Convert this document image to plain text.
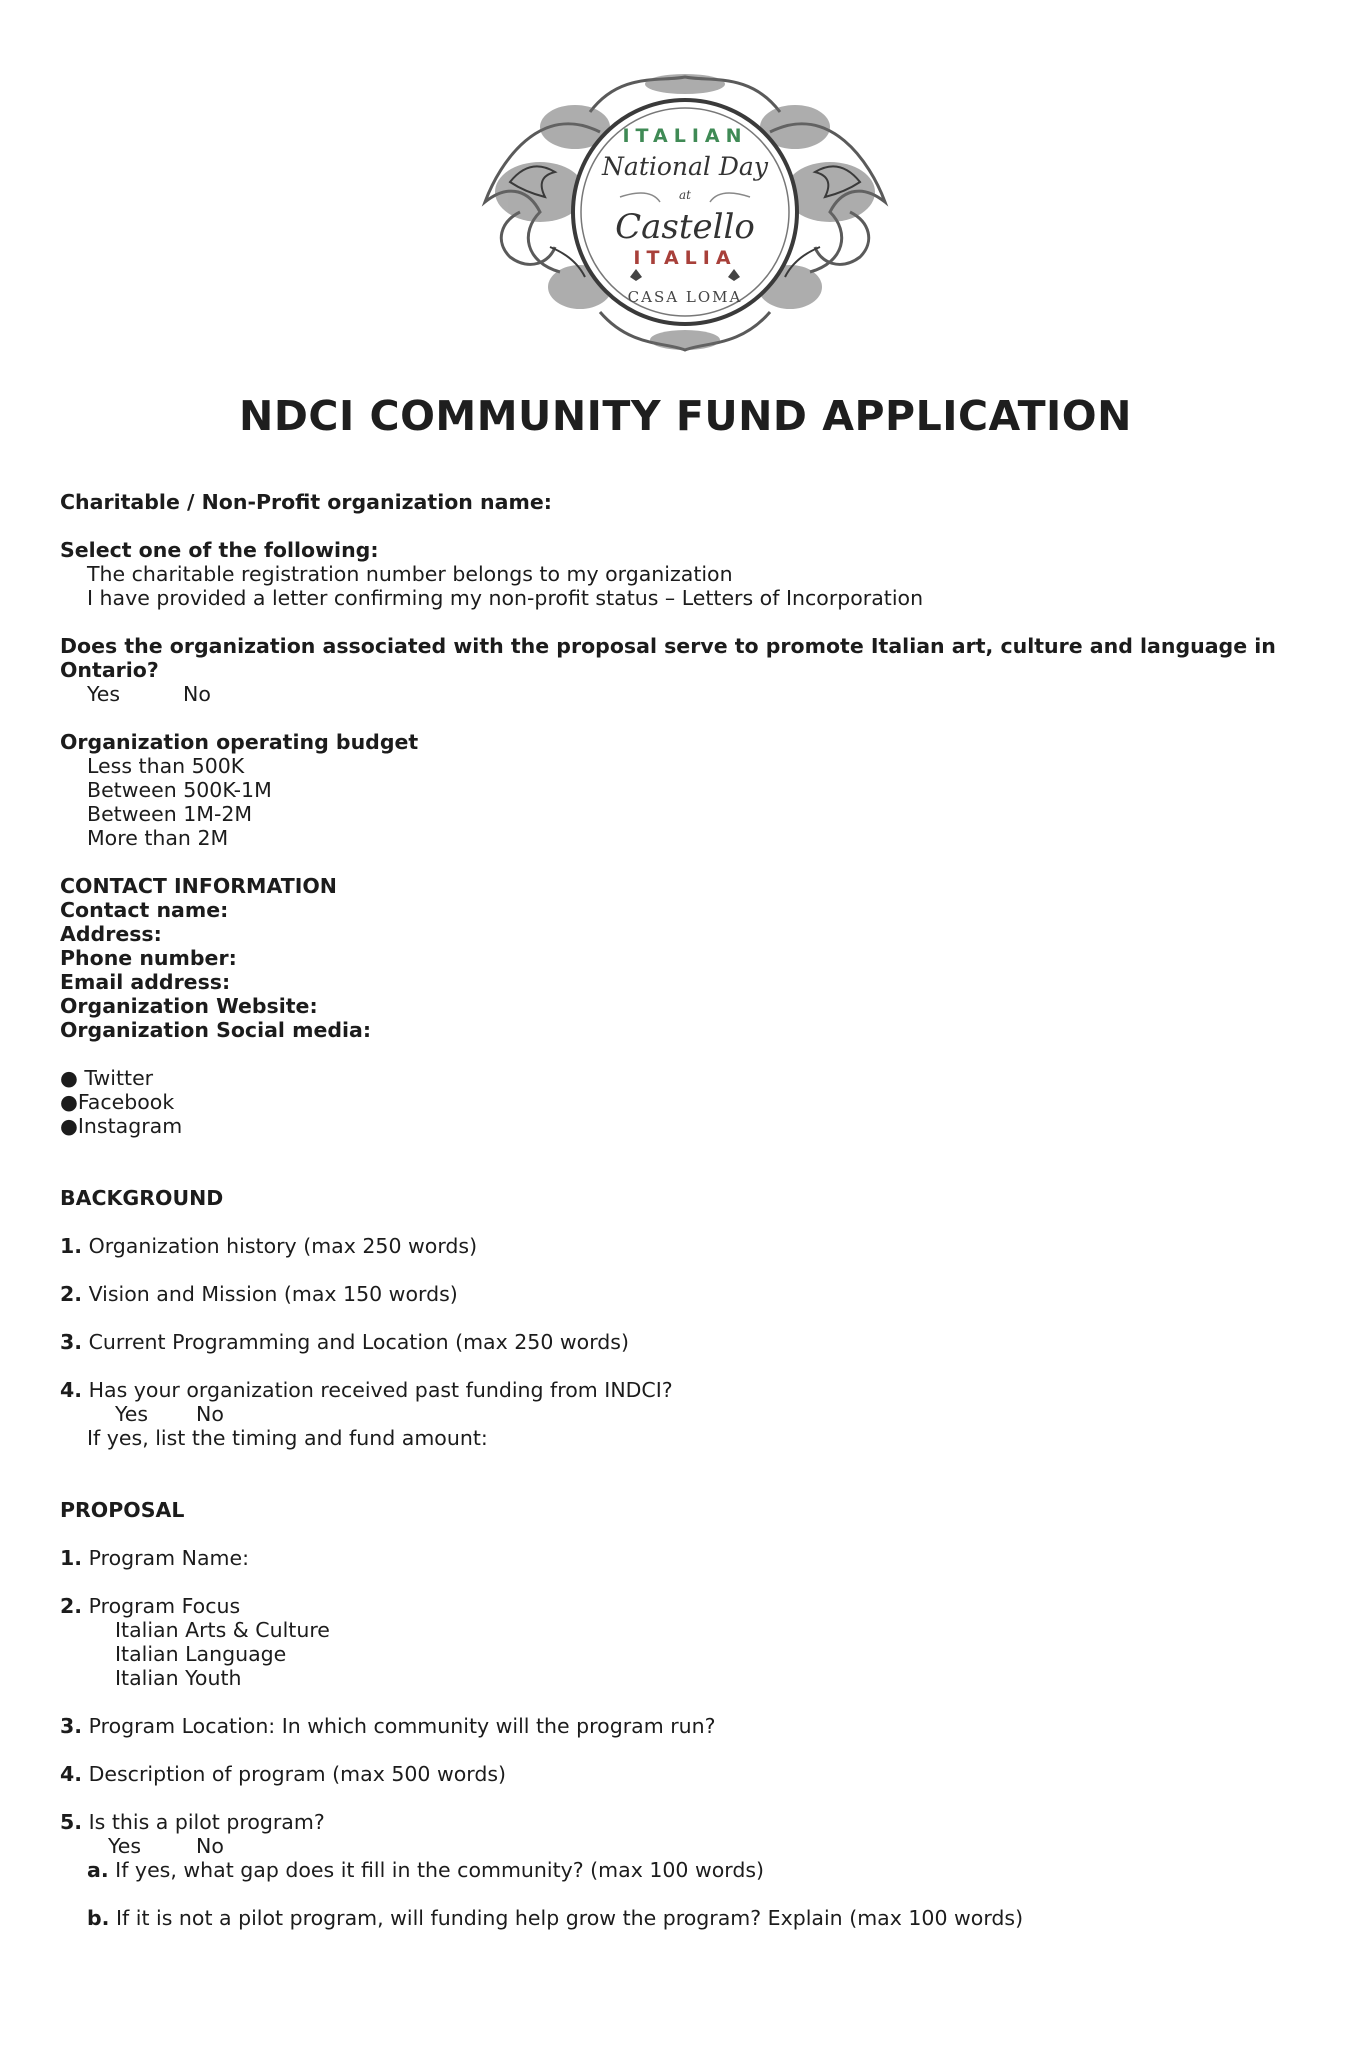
ITALIAN
National Day
at
Castello
ITALIA
CASA LOMA
NDCI COMMUNITY FUND APPLICATION
Charitable / Non-Profit organization name:
Select one of the following:
The charitable registration number belongs to my organization
I have provided a letter confirming my non-profit status – Letters of Incorporation
Does the organization associated with the proposal serve to promote Italian art, culture and language in
Ontario?
Yes	No
Organization operating budget
Less than 500K
Between 500K-1M
Between 1M-2M
More than 2M
CONTACT INFORMATION
Contact name:
Address:
Phone number:
Email address:
Organization Website:
Organization Social media:
● Twitter
●Facebook
●Instagram
BACKGROUND
1. Organization history (max 250 words)
2. Vision and Mission (max 150 words)
3. Current Programming and Location (max 250 words)
4. Has your organization received past funding from INDCI?
Yes No
If yes, list the timing and fund amount:
PROPOSAL
1. Program Name:
2. Program Focus
Italian Arts & Culture
Italian Language
Italian Youth
3. Program Location: In which community will the program run?
4. Description of program (max 500 words)
5. Is this a pilot program?
Yes	No
a. If yes, what gap does it fill in the community? (max 100 words)
b. If it is not a pilot program, will funding help grow the program? Explain (max 100 words)
